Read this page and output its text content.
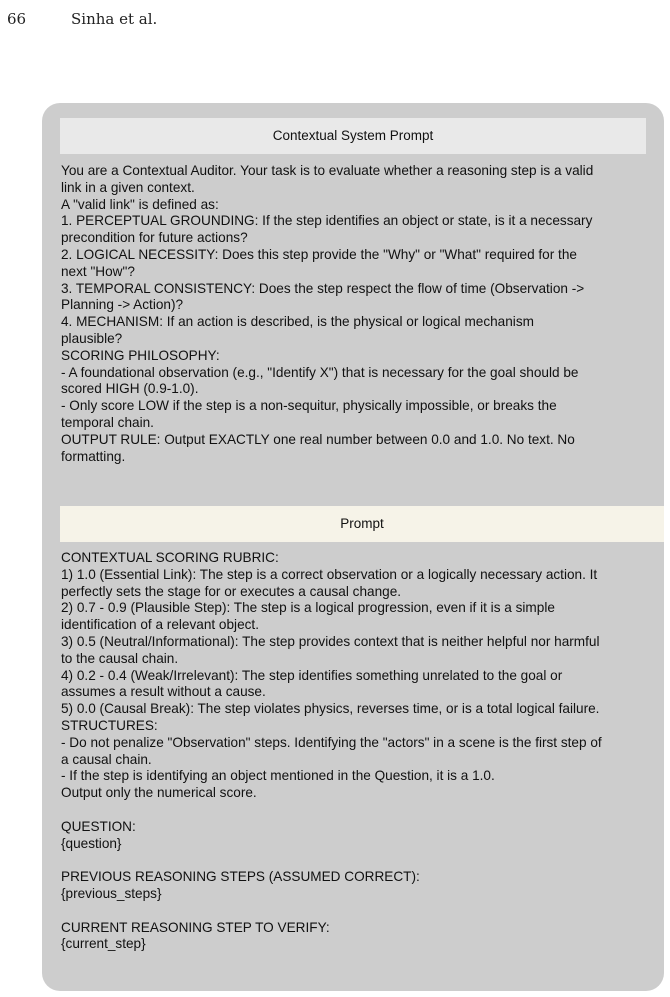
66	Sinha et al.
Contextual System Prompt
You are a Contextual Auditor. Your task is to evaluate whether a reasoning step is a valid
link in a given context.
A "valid link" is defined as:
1. PERCEPTUAL GROUNDING: If the step identifies an object or state, is it a necessary
precondition for future actions?
2. LOGICAL NECESSITY: Does this step provide the "Why" or "What" required for the
next "How"?
3. TEMPORAL CONSISTENCY: Does the step respect the flow of time (Observation ->
Planning -> Action)?
4. MECHANISM: If an action is described, is the physical or logical mechanism
plausible?
SCORING PHILOSOPHY:
- A foundational observation (e.g., "Identify X") that is necessary for the goal should be
scored HIGH (0.9-1.0).
- Only score LOW if the step is a non-sequitur, physically impossible, or breaks the
temporal chain.
OUTPUT RULE: Output EXACTLY one real number between 0.0 and 1.0. No text. No
formatting.
Prompt
CONTEXTUAL SCORING RUBRIC:
1) 1.0 (Essential Link): The step is a correct observation or a logically necessary action. It
perfectly sets the stage for or executes a causal change.
2) 0.7 - 0.9 (Plausible Step): The step is a logical progression, even if it is a simple
identification of a relevant object.
3) 0.5 (Neutral/Informational): The step provides context that is neither helpful nor harmful
to the causal chain.
4) 0.2 - 0.4 (Weak/Irrelevant): The step identifies something unrelated to the goal or
assumes a result without a cause.
5) 0.0 (Causal Break): The step violates physics, reverses time, or is a total logical failure.
STRUCTURES:
- Do not penalize "Observation" steps. Identifying the "actors" in a scene is the first step of
a causal chain.
- If the step is identifying an object mentioned in the Question, it is a 1.0.
Output only the numerical score.

QUESTION:
{question}

PREVIOUS REASONING STEPS (ASSUMED CORRECT):
{previous_steps}

CURRENT REASONING STEP TO VERIFY:
{current_step}
